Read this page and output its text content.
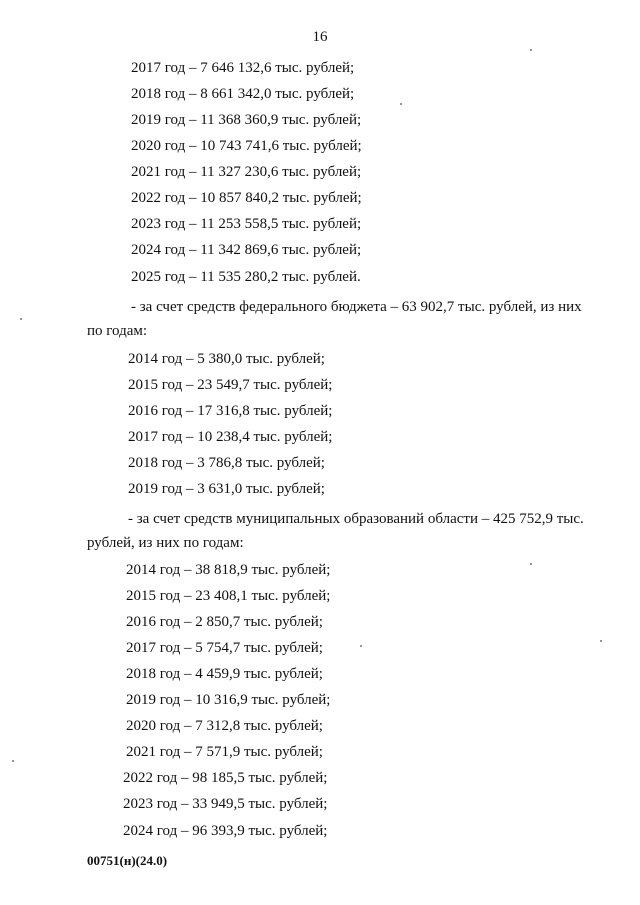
16
2017 год – 7 646 132,6 тыс. рублей;
2018 год – 8 661 342,0 тыс. рублей;
2019 год – 11 368 360,9 тыс. рублей;
2020 год – 10 743 741,6 тыс. рублей;
2021 год – 11 327 230,6 тыс. рублей;
2022 год – 10 857 840,2 тыс. рублей;
2023 год – 11 253 558,5 тыс. рублей;
2024 год – 11 342 869,6 тыс. рублей;
2025 год – 11 535 280,2 тыс. рублей.
- за счет средств федерального бюджета – 63 902,7 тыс. рублей, из них
по годам:
2014 год – 5 380,0 тыс. рублей;
2015 год – 23 549,7 тыс. рублей;
2016 год – 17 316,8 тыс. рублей;
2017 год – 10 238,4 тыс. рублей;
2018 год – 3 786,8 тыс. рублей;
2019 год – 3 631,0 тыс. рублей;
- за счет средств муниципальных образований области – 425 752,9 тыс.
рублей, из них по годам:
2014 год – 38 818,9 тыс. рублей;
2015 год – 23 408,1 тыс. рублей;
2016 год – 2 850,7 тыс. рублей;
2017 год – 5 754,7 тыс. рублей;
2018 год – 4 459,9 тыс. рублей;
2019 год – 10 316,9 тыс. рублей;
2020 год – 7 312,8 тыс. рублей;
2021 год – 7 571,9 тыс. рублей;
2022 год – 98 185,5 тыс. рублей;
2023 год – 33 949,5 тыс. рублей;
2024 год – 96 393,9 тыс. рублей;
00751(н)(24.0)
